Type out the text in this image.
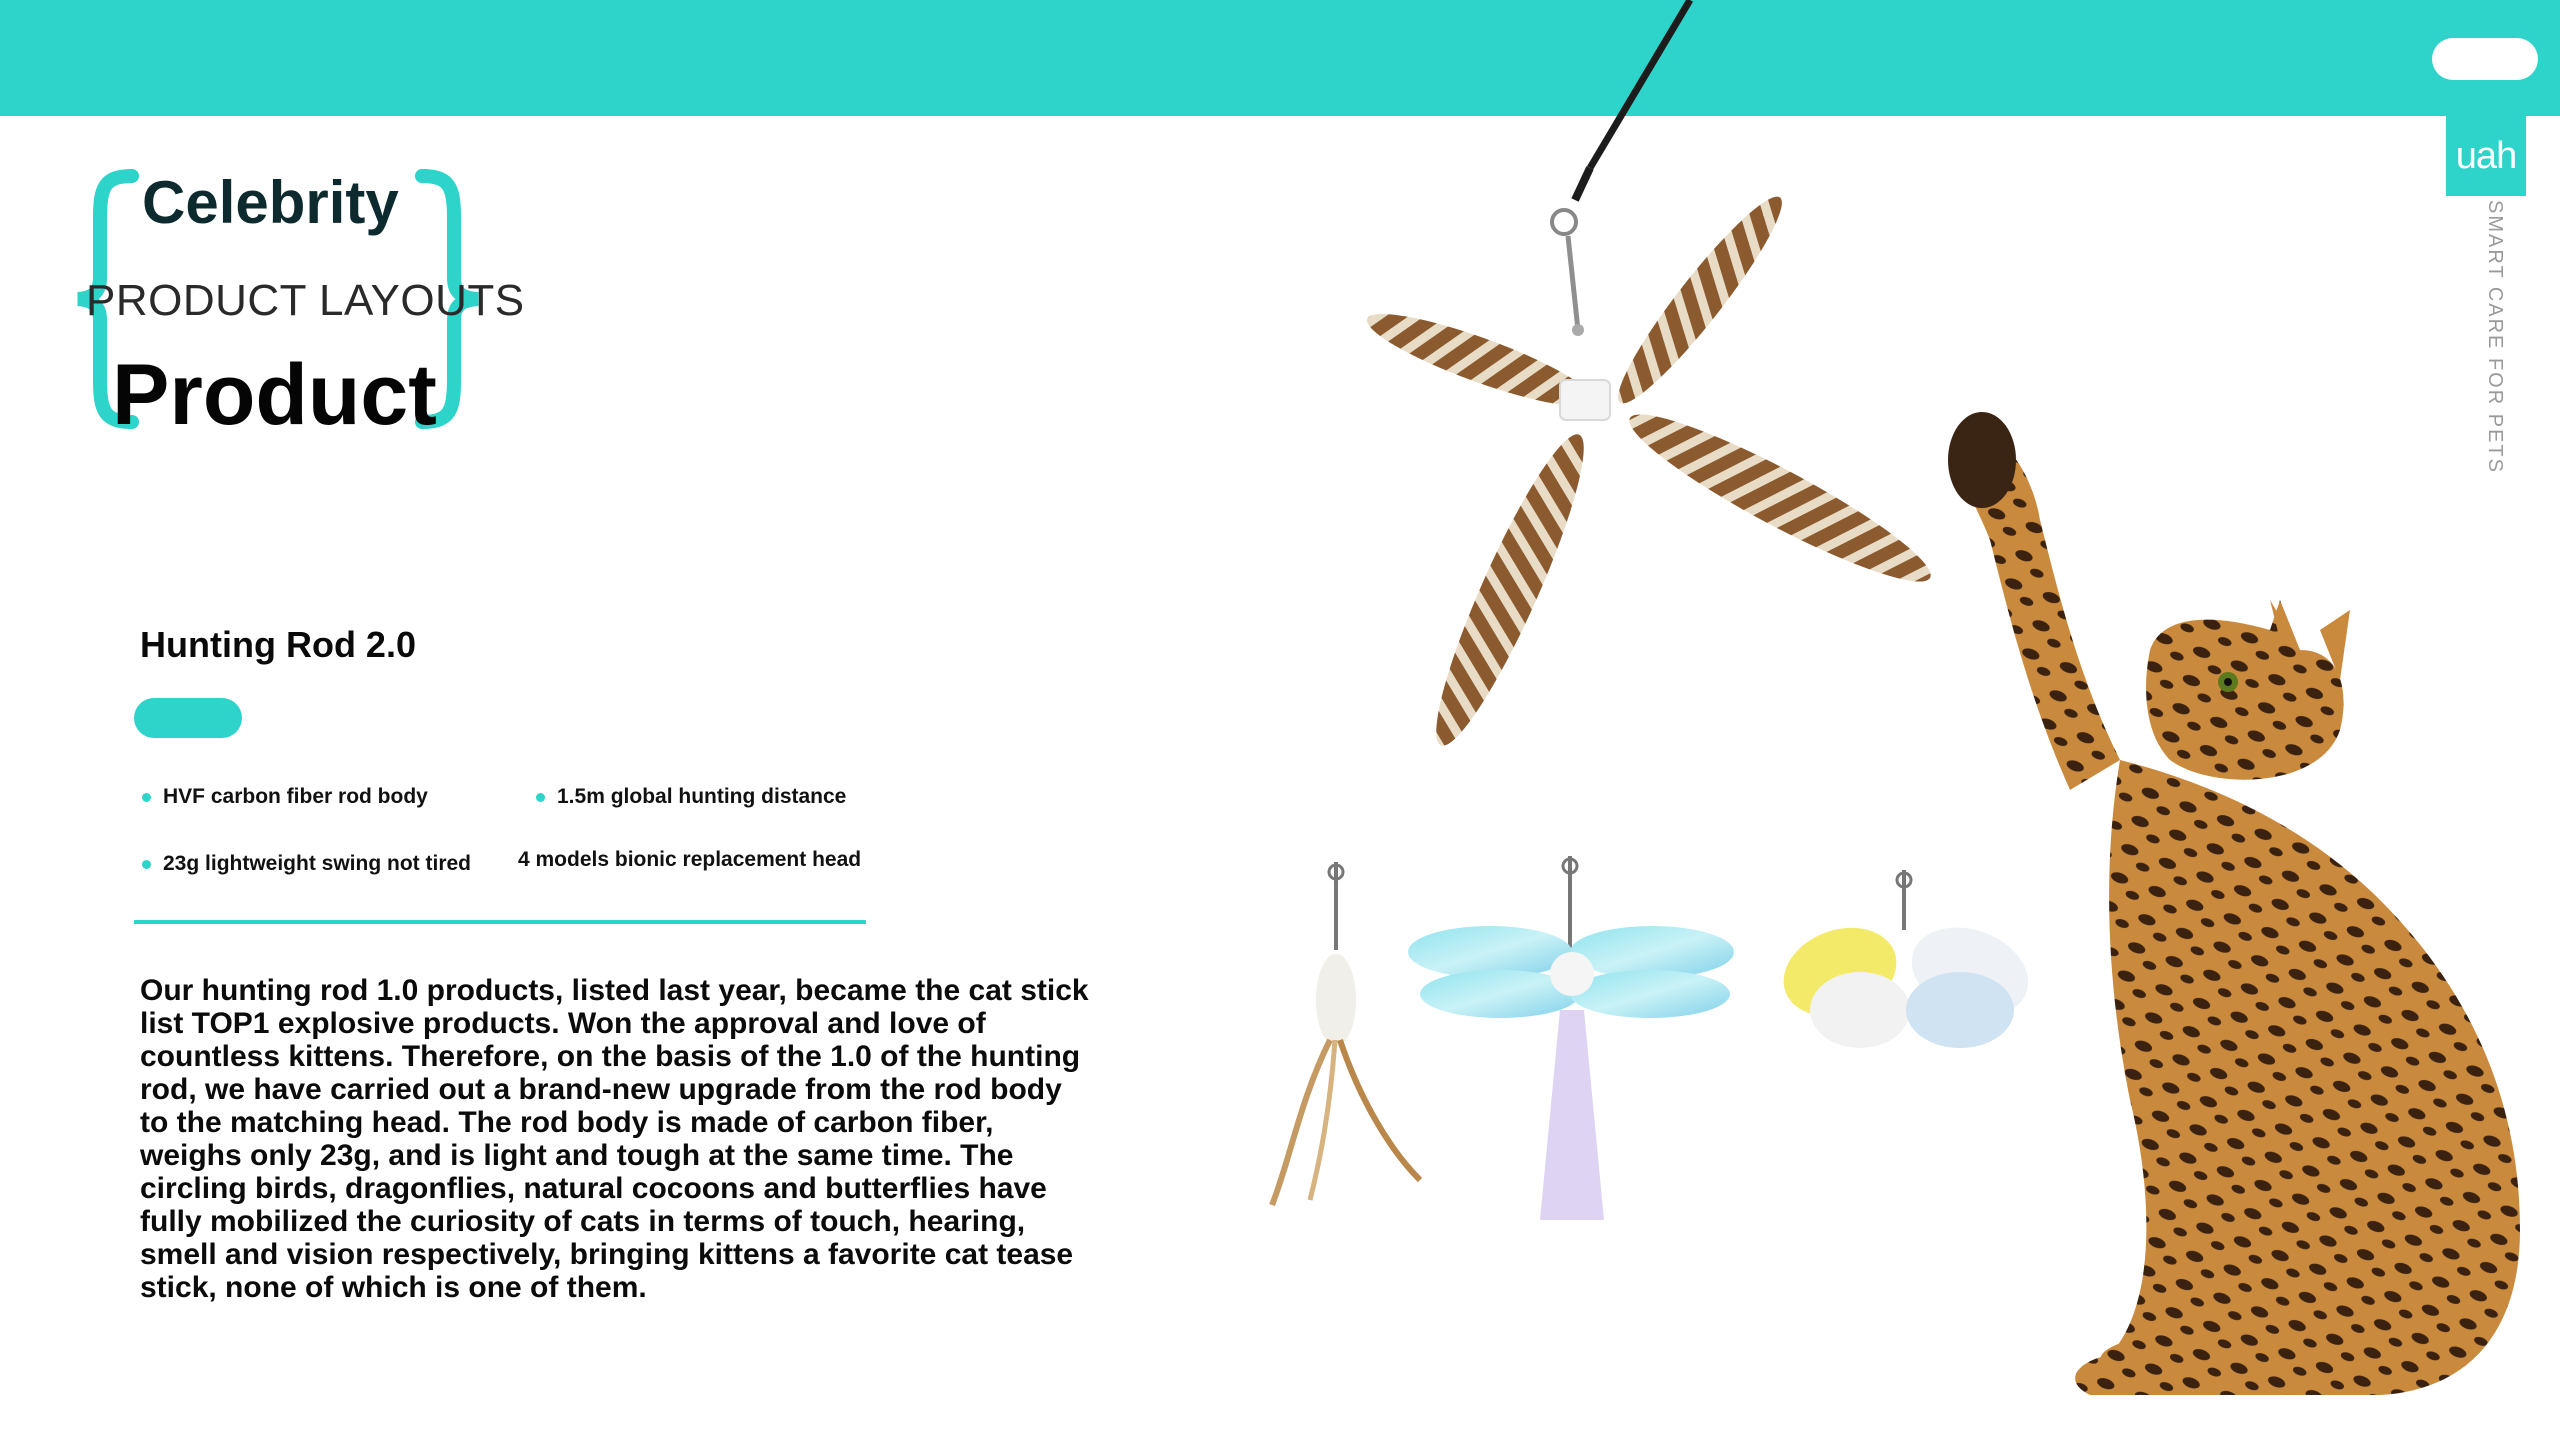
uah
SMART CARE FOR PETS
Celebrity
PRODUCT LAYOUTS
Product
Hunting Rod 2.0
HVF carbon fiber rod body	1.5m global hunting distance
23g lightweight swing not tired 4 models bionic replacement head
Our hunting rod 1.0 products, listed last year, became the cat stick list TOP1 explosive products. Won the approval and love of countless kittens. Therefore, on the basis of the 1.0 of the hunting rod, we have carried out a brand-new upgrade from the rod body to the matching head. The rod body is made of carbon fiber, weighs only 23g, and is light and tough at the same time. The circling birds, dragonflies, natural cocoons and butterflies have fully mobilized the curiosity of cats in terms of touch, hearing, smell and vision respectively, bringing kittens a favorite cat tease stick, none of which is one of them.
